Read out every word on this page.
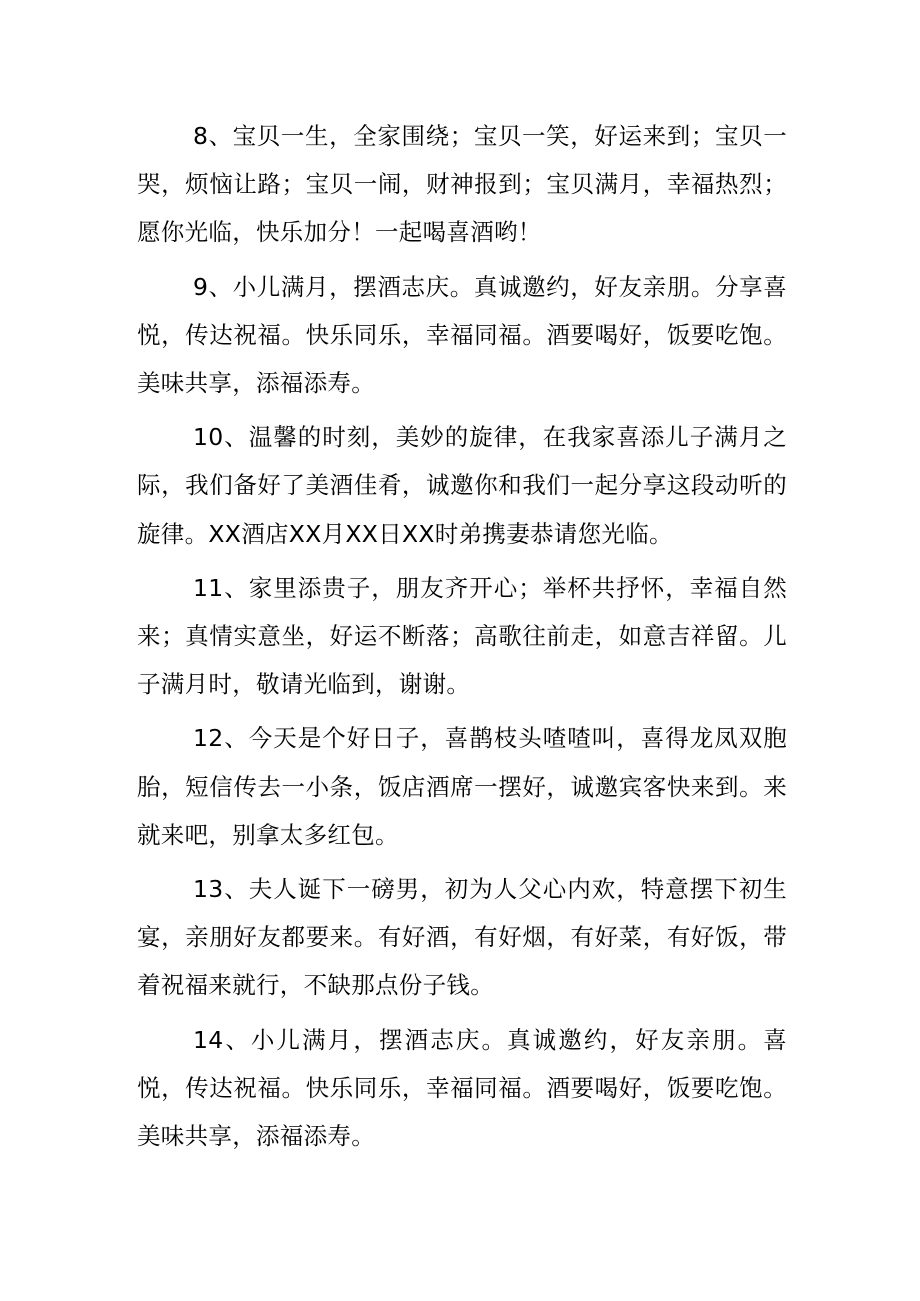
8、宝贝一生，全家围绕；宝贝一笑，好运来到；宝贝一哭，烦恼让路；宝贝一闹，财神报到；宝贝满月，幸福热烈；愿你光临，快乐加分！一起喝喜酒哟！

9、小儿满月，摆酒志庆。真诚邀约，好友亲朋。分享喜悦，传达祝福。快乐同乐，幸福同福。酒要喝好，饭要吃饱。美味共享，添福添寿。

10、温馨的时刻，美妙的旋律，在我家喜添儿子满月之际，我们备好了美酒佳肴，诚邀你和我们一起分享这段动听的旋律。XX酒店XX月XX日XX时弟携妻恭请您光临。

11、家里添贵子，朋友齐开心；举杯共抒怀，幸福自然来；真情实意坐，好运不断落；高歌往前走，如意吉祥留。儿子满月时，敬请光临到，谢谢。

12、今天是个好日子，喜鹊枝头喳喳叫，喜得龙凤双胞胎，短信传去一小条，饭店酒席一摆好，诚邀宾客快来到。来就来吧，别拿太多红包。

13、夫人诞下一磅男，初为人父心内欢，特意摆下初生宴，亲朋好友都要来。有好酒，有好烟，有好菜，有好饭，带着祝福来就行，不缺那点份子钱。

14、小儿满月，摆酒志庆。真诚邀约，好友亲朋。喜悦，传达祝福。快乐同乐，幸福同福。酒要喝好，饭要吃饱。美味共享，添福添寿。
